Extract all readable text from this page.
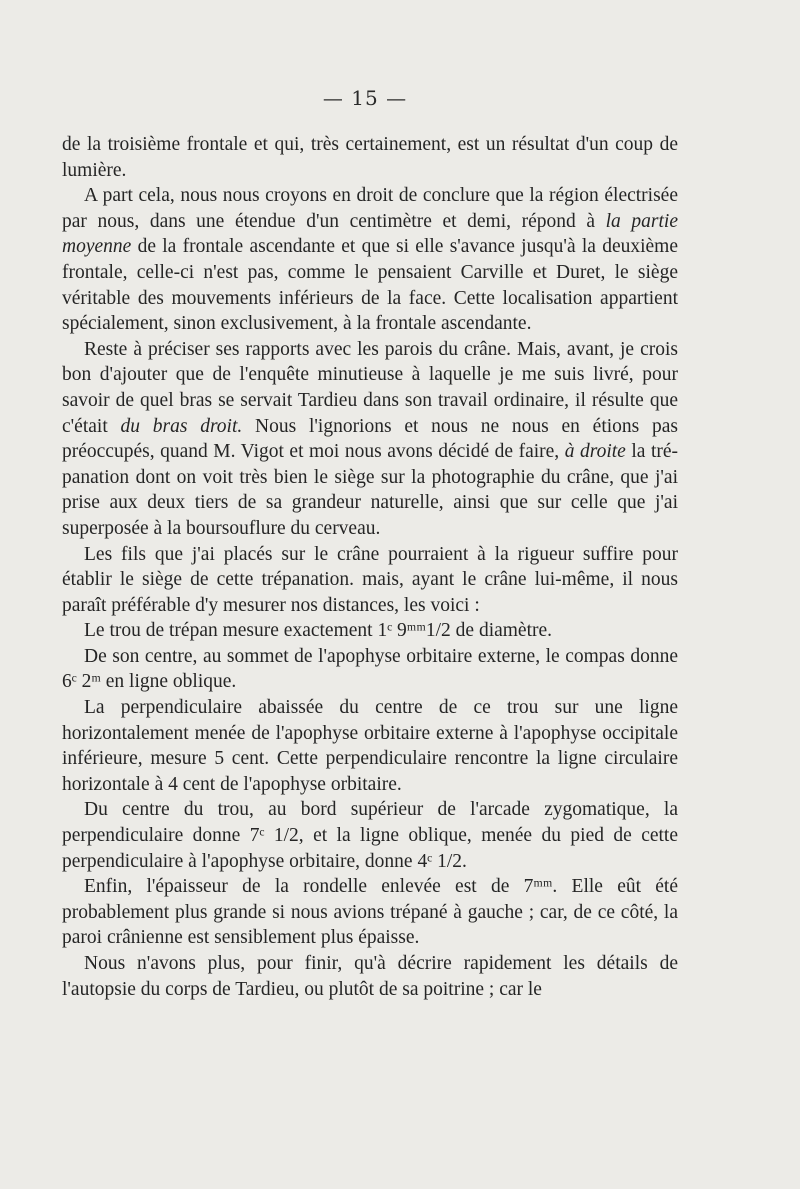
— 15 —

de la troisième frontale et qui, très certainement, est un résultat d'un coup de lumière.

A part cela, nous nous croyons en droit de conclure que la région électrisée par nous, dans une étendue d'un centimètre et demi, répond à la partie moyenne de la frontale ascendante et que si elle s'avance jusqu'à la deuxième frontale, celle-ci n'est pas, comme le pensaient Carville et Duret, le siège véritable des mouvements inférieurs de la face. Cette localisation appartient spécialement, sinon exclusivement, à la frontale ascendante.

Reste à préciser ses rapports avec les parois du crâne. Mais, avant, je crois bon d'ajouter que de l'enquête minutieuse à laquelle je me suis livré, pour savoir de quel bras se servait Tardieu dans son travail ordinaire, il résulte que c'était du bras droit. Nous l'ignorions et nous ne nous en étions pas préoccupés, quand M. Vigot et moi nous avons décidé de faire, à droite la trépanation dont on voit très bien le siège sur la photographie du crâne, que j'ai prise aux deux tiers de sa grandeur naturelle, ainsi que sur celle que j'ai superposée à la boursouflure du cerveau.

Les fils que j'ai placés sur le crâne pourraient à la rigueur suffire pour établir le siège de cette trépanation. mais, ayant le crâne lui-même, il nous paraît préférable d'y mesurer nos distances, les voici :

Le trou de trépan mesure exactement 1ᶜ 9ᵐᵐ1/2 de diamètre.

De son centre, au sommet de l'apophyse orbitaire externe, le compas donne 6ᶜ 2ᵐ en ligne oblique.

La perpendiculaire abaissée du centre de ce trou sur une ligne horizontalement menée de l'apophyse orbitaire externe à l'apophyse occipitale inférieure, mesure 5 cent. Cette perpendiculaire rencontre la ligne circulaire horizontale à 4 cent de l'apophyse orbitaire.

Du centre du trou, au bord supérieur de l'arcade zygomatique, la perpendiculaire donne 7ᶜ 1/2, et la ligne oblique, menée du pied de cette perpendiculaire à l'apophyse orbitaire, donne 4ᶜ 1/2.

Enfin, l'épaisseur de la rondelle enlevée est de 7ᵐᵐ. Elle eût été probablement plus grande si nous avions trépané à gauche ; car, de ce côté, la paroi crânienne est sensiblement plus épaisse.

Nous n'avons plus, pour finir, qu'à décrire rapidement les détails de l'autopsie du corps de Tardieu, ou plutôt de sa poitrine ; car le
